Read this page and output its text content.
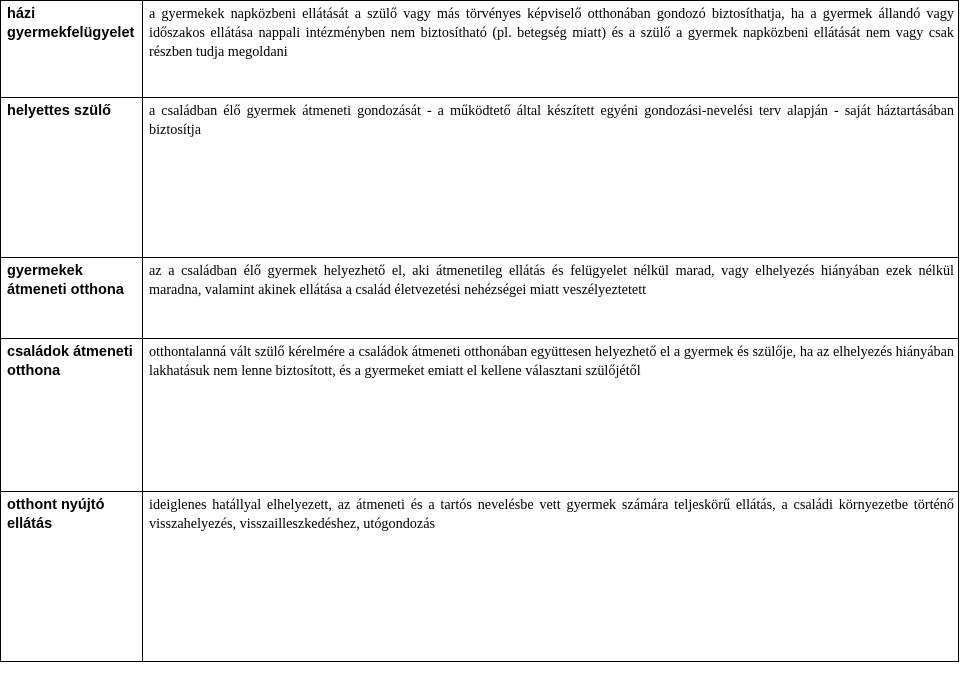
házi gyermekfelügyelet	a gyermekek napközbeni ellátását a szülő vagy más törvényes képviselő otthonában gondozó biztosíthatja, ha a gyermek állandó vagy időszakos ellátása nappali intézményben nem biztosítható (pl. betegség miatt) és a szülő a gyermek napközbeni ellátását nem vagy csak részben tudja megoldani

helyettes szülő	a családban élő gyermek átmeneti gondozását - a működtető által készített egyéni gondozási-nevelési terv alapján - saját háztartásában biztosítja

gyermekek átmeneti otthona	az a családban élő gyermek helyezhető el, aki átmenetileg ellátás és felügyelet nélkül marad, vagy elhelyezés hiányában ezek nélkül maradna, valamint akinek ellátása a család életvezetési nehézségei miatt veszélyeztetett

családok átmeneti otthona	otthontalanná vált szülő kérelmére a családok átmeneti otthonában együttesen helyezhető el a gyermek és szülője, ha az elhelyezés hiányában lakhatásuk nem lenne biztosított, és a gyermeket emiatt el kellene választani szülőjétől

otthont nyújtó ellátás	ideiglenes hatállyal elhelyezett, az átmeneti és a tartós nevelésbe vett gyermek számára teljeskörű ellátás, a családi környezetbe történő visszahelyezés, visszailleszkedéshez, utógondozás
